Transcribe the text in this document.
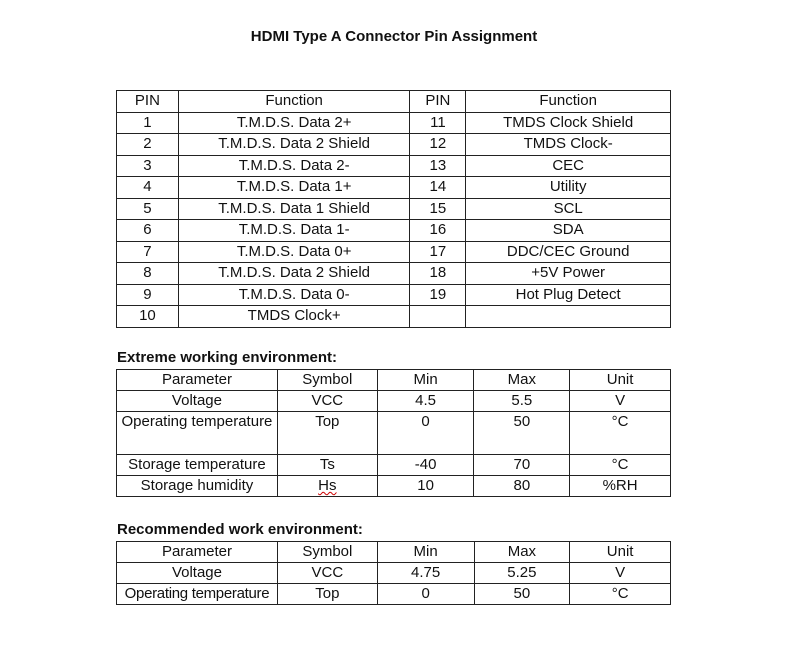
HDMI Type A Connector Pin Assignment
PIN	Function	PIN	Function
1	T.M.D.S. Data 2+	11	TMDS Clock Shield
2	T.M.D.S. Data 2 Shield	12	TMDS Clock-
3	T.M.D.S. Data 2-	13	CEC
4	T.M.D.S. Data 1+	14	Utility
5	T.M.D.S. Data 1 Shield	15	SCL
6	T.M.D.S. Data 1-	16	SDA
7	T.M.D.S. Data 0+	17	DDC/CEC Ground
8	T.M.D.S. Data 2 Shield	18	+5V Power
9	T.M.D.S. Data 0-	19	Hot Plug Detect
10	TMDS Clock+		
Extreme working environment:
Parameter	Symbol	Min	Max	Unit
Voltage	VCC	4.5	5.5	V
Operating temperature	Top	0	50	°C
Storage temperature	Ts	-40	70	°C
Storage humidity	Hs	10	80	%RH
Recommended work environment:
Parameter	Symbol	Min	Max	Unit
Voltage	VCC	4.75	5.25	V
Operating temperature	Top	0	50	°C
